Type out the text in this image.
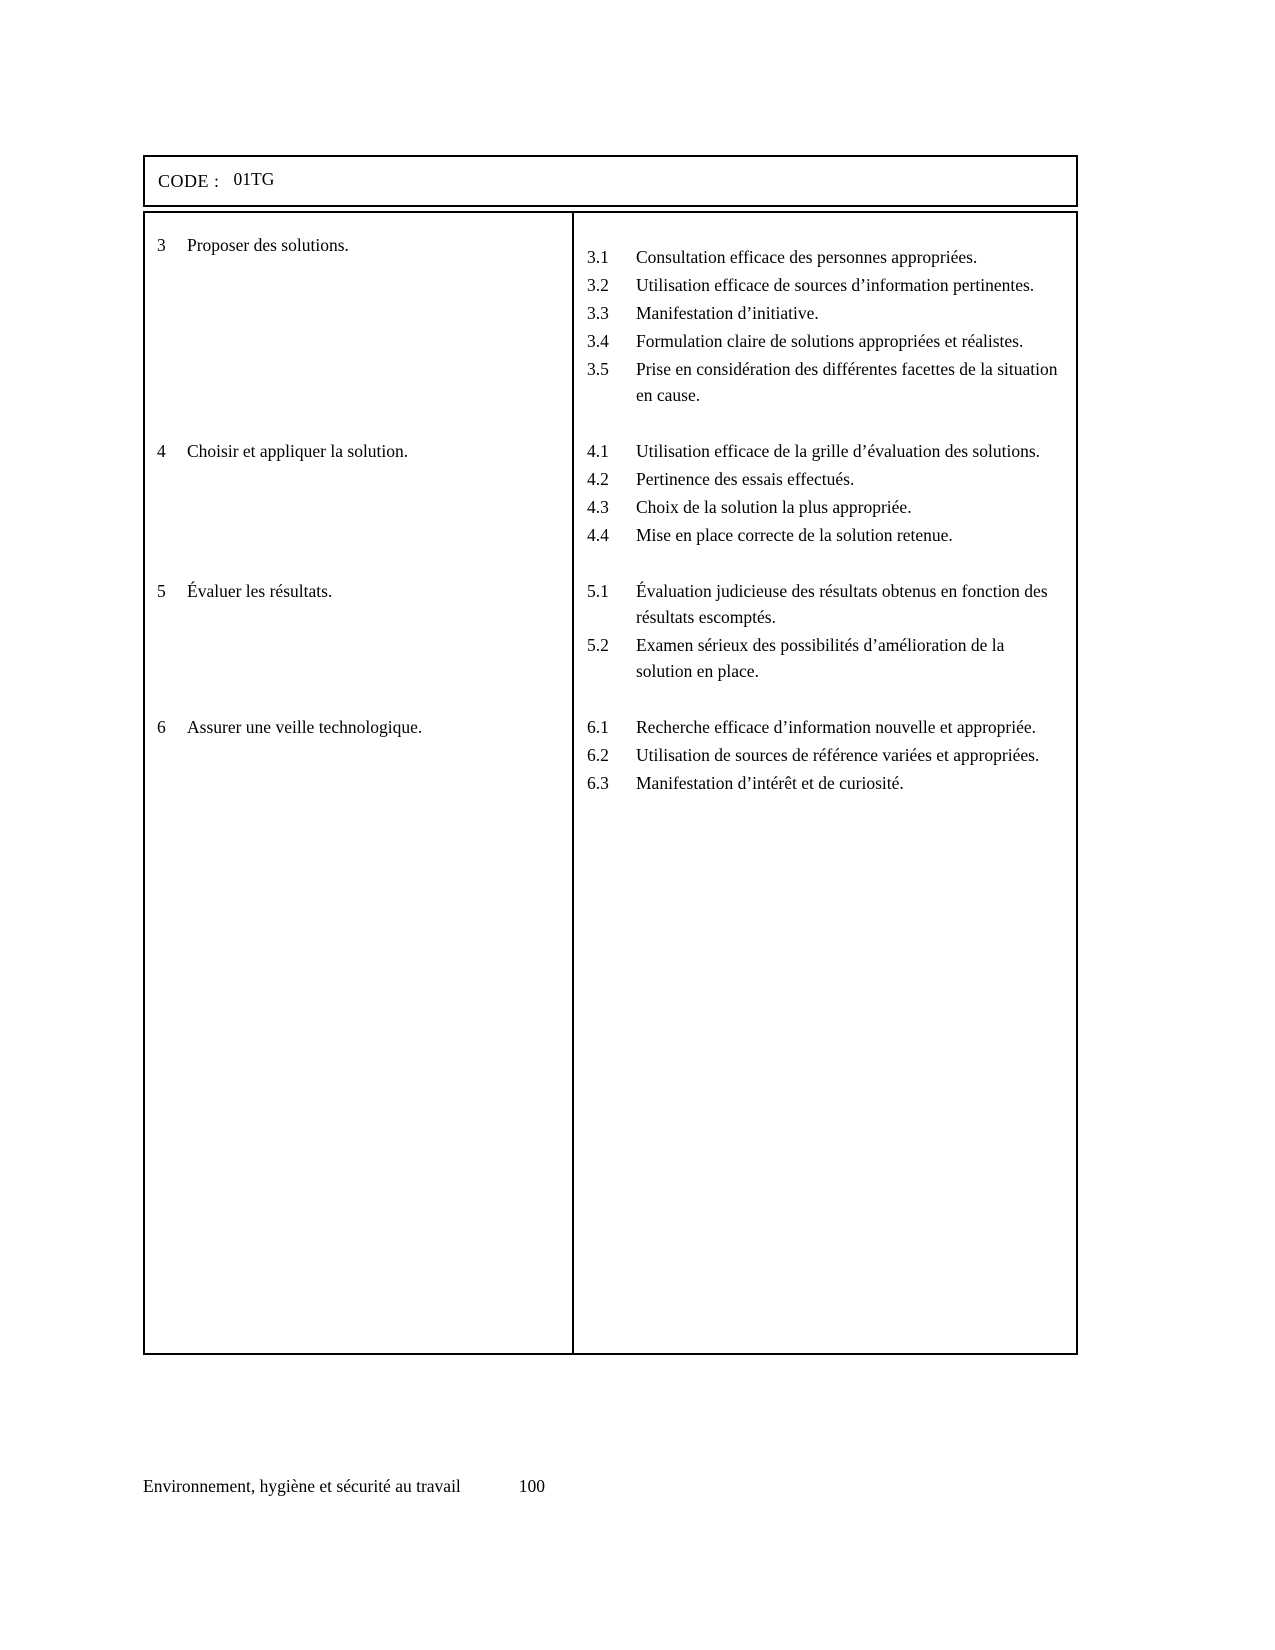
CODE : 01TG
3	Proposer des solutions.
3.1	Consultation efficace des personnes appropriées.
3.2	Utilisation efficace de sources d’information pertinentes.
3.3	Manifestation d’initiative.
3.4	Formulation claire de solutions appropriées et réalistes.
3.5	Prise en considération des différentes facettes de la situation en cause.
4	Choisir et appliquer la solution.	4.1	Utilisation efficace de la grille d’évaluation des solutions.
4.2	Pertinence des essais effectués.
4.3	Choix de la solution la plus appropriée.
4.4	Mise en place correcte de la solution retenue.
5	Évaluer les résultats.	5.1	Évaluation judicieuse des résultats obtenus en fonction des résultats escomptés.
5.2	Examen sérieux des possibilités d’amélioration de la solution en place.
6	Assurer une veille technologique.	6.1	Recherche efficace d’information nouvelle et appropriée.
6.2	Utilisation de sources de référence variées et appropriées.
6.3	Manifestation d’intérêt et de curiosité.
Environnement, hygiène et sécurité au travail	100
